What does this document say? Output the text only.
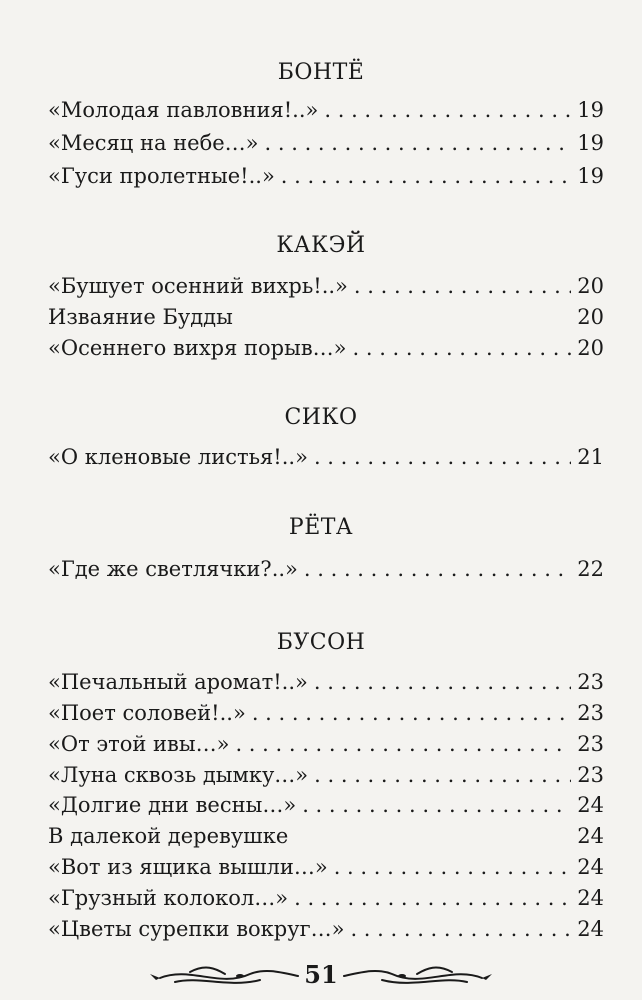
БОНТЁ
«Молодая павловния!..» . . .	19
«Месяц на небе…» . . .	19
«Гуси пролетные!..» . . .	19
КАКЭЙ
«Бушует осенний вихрь!..» . . .	20
Изваяние Будды	20
«Осеннего вихря порыв…» . . .	20
СИКО
«О кленовые листья!..» . . .	21
РЁТА
«Где же светлячки?..» . . .	22
БУСОН
«Печальный аромат!..» . . .	23
«Поет соловей!..» . . .	23
«От этой ивы…» . . .	23
«Луна сквозь дымку…» . . .	23
«Долгие дни весны…» . . .	24
В далекой деревушке	24
«Вот из ящика вышли…» . . .	24
«Грузный колокол…» . . .	24
«Цветы сурепки вокруг…» . . .	24
51
